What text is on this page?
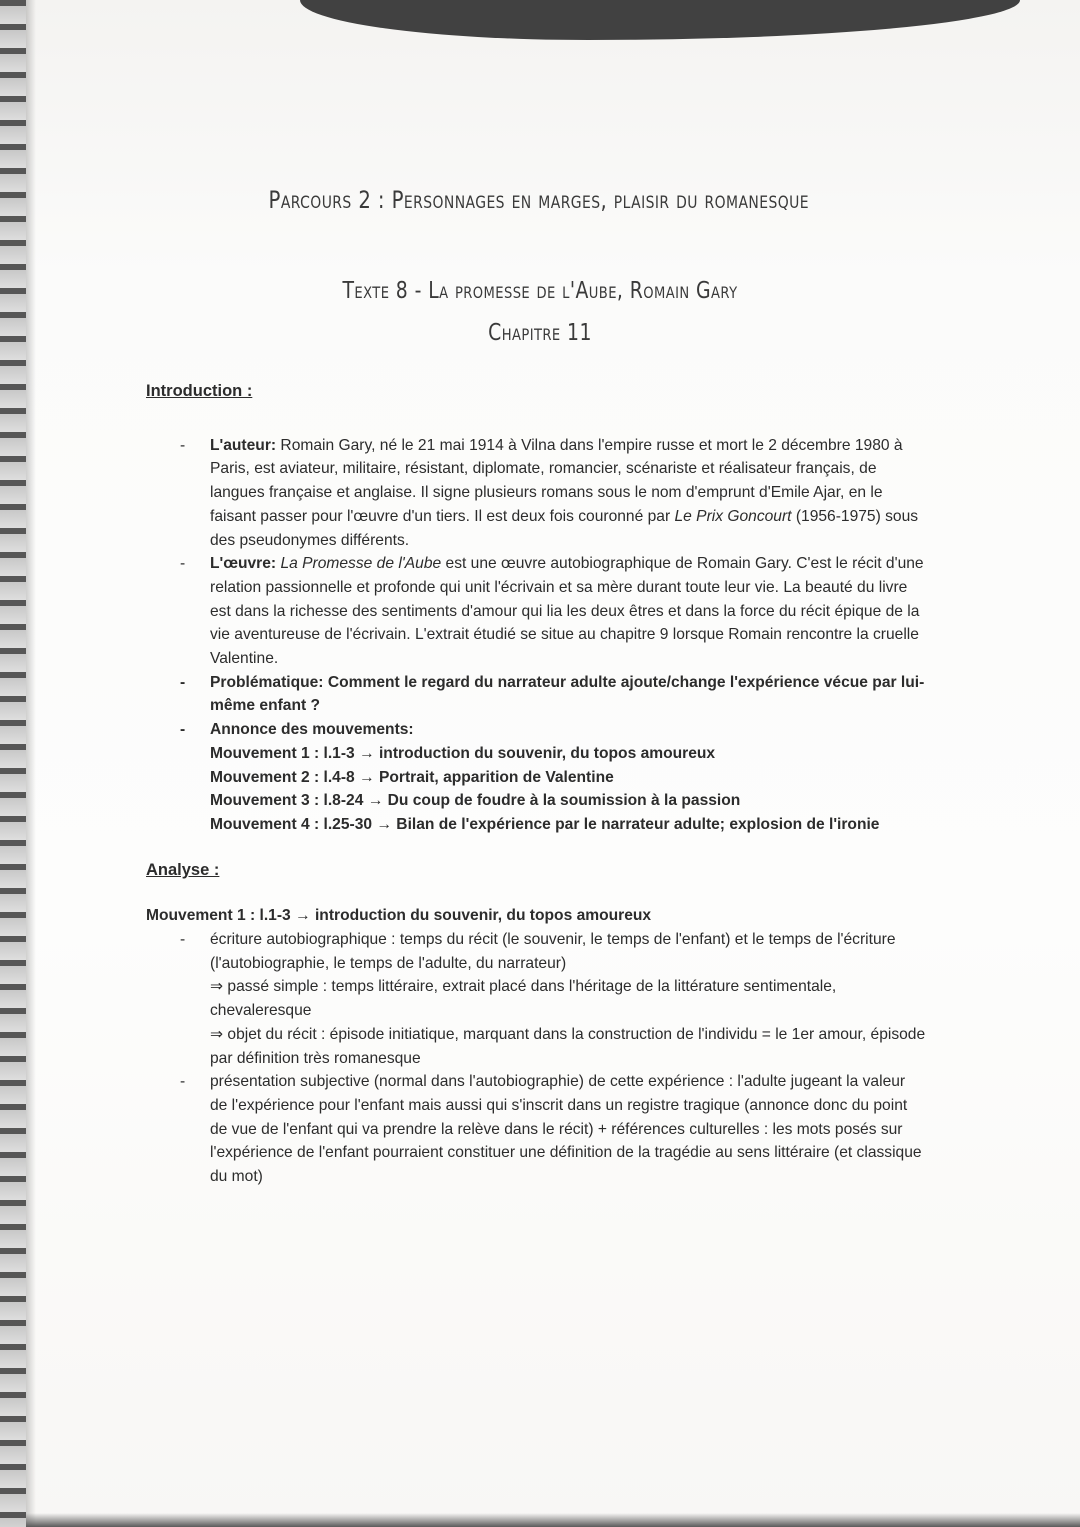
Parcours 2 : Personnages en marges, plaisir du romanesque
Texte 8 - La promesse de l'Aube, Romain Gary
Chapitre 11

Introduction :

- L'auteur: Romain Gary, né le 21 mai 1914 à Vilna dans l'empire russe et mort le 2 décembre 1980 à Paris, est aviateur, militaire, résistant, diplomate, romancier, scénariste et réalisateur français, de langues française et anglaise. Il signe plusieurs romans sous le nom d'emprunt d'Emile Ajar, en le faisant passer pour l'œuvre d'un tiers. Il est deux fois couronné par Le Prix Goncourt (1956-1975) sous des pseudonymes différents.
- L'œuvre: La Promesse de l'Aube est une œuvre autobiographique de Romain Gary. C'est le récit d'une relation passionnelle et profonde qui unit l'écrivain et sa mère durant toute leur vie. La beauté du livre est dans la richesse des sentiments d'amour qui lia les deux êtres et dans la force du récit épique de la vie aventureuse de l'écrivain. L'extrait étudié se situe au chapitre 9 lorsque Romain rencontre la cruelle Valentine.
- Problématique: Comment le regard du narrateur adulte ajoute/change l'expérience vécue par lui-même enfant ?
- Annonce des mouvements:
Mouvement 1 : l.1-3 → introduction du souvenir, du topos amoureux
Mouvement 2 : l.4-8 → Portrait, apparition de Valentine
Mouvement 3 : l.8-24 → Du coup de foudre à la soumission à la passion
Mouvement 4 : l.25-30 → Bilan de l'expérience par le narrateur adulte; explosion de l'ironie

Analyse :

Mouvement 1 : l.1-3 → introduction du souvenir, du topos amoureux
- écriture autobiographique : temps du récit (le souvenir, le temps de l'enfant) et le temps de l'écriture (l'autobiographie, le temps de l'adulte, du narrateur)
⇒ passé simple : temps littéraire, extrait placé dans l'héritage de la littérature sentimentale, chevaleresque
⇒ objet du récit : épisode initiatique, marquant dans la construction de l'individu = le 1er amour, épisode par définition très romanesque
- présentation subjective (normal dans l'autobiographie) de cette expérience : l'adulte jugeant la valeur de l'expérience pour l'enfant mais aussi qui s'inscrit dans un registre tragique (annonce donc du point de vue de l'enfant qui va prendre la relève dans le récit) + références culturelles : les mots posés sur l'expérience de l'enfant pourraient constituer une définition de la tragédie au sens littéraire (et classique du mot)
